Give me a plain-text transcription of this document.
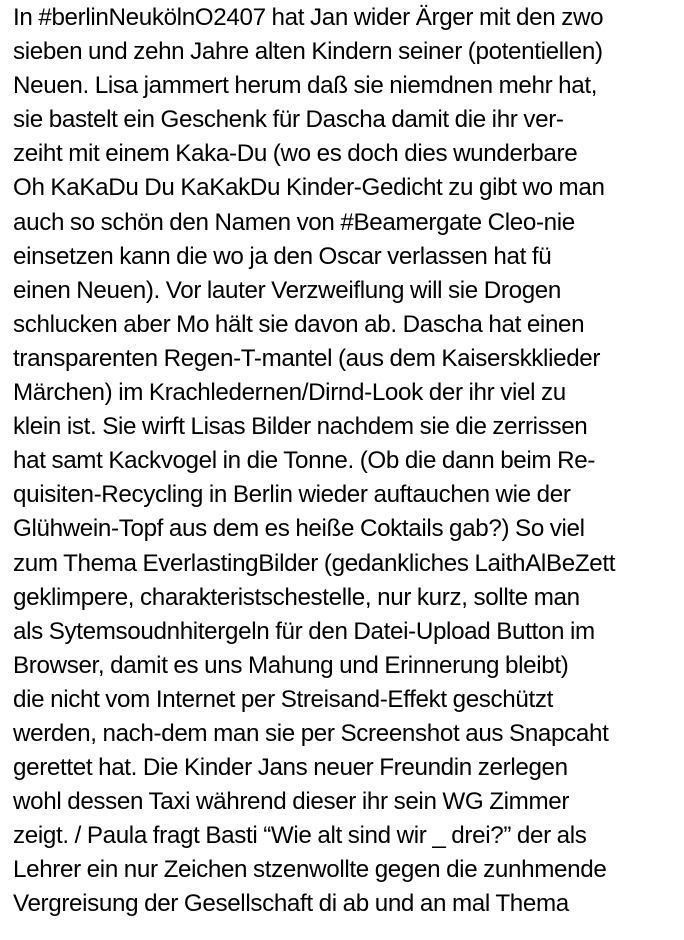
In #berlinNeukölnO2407 hat Jan wider Ärger mit den zwo
sieben und zehn Jahre alten Kindern seiner (potentiellen)
Neuen. Lisa jammert herum daß sie niemdnen mehr hat,
sie bastelt ein Geschenk für Dascha damit die ihr ver-
zeiht mit einem Kaka-Du (wo es doch dies wunderbare
Oh KaKaDu Du KaKakDu Kinder-Gedicht zu gibt wo man
auch so schön den Namen von #Beamergate Cleo-nie
einsetzen kann die wo ja den Oscar verlassen hat fü
einen Neuen). Vor lauter Verzweiflung will sie Drogen
schlucken aber Mo hält sie davon ab. Dascha hat einen
transparenten Regen-T-mantel (aus dem Kaiserskklieder
Märchen) im Krachledernen/Dirnd-Look der ihr viel zu
klein ist. Sie wirft Lisas Bilder nachdem sie die zerrissen
hat samt Kackvogel in die Tonne. (Ob die dann beim Re-
quisiten-Recycling in Berlin wieder auftauchen wie der
Glühwein-Topf aus dem es heiße Coktails gab?) So viel
zum Thema EverlastingBilder (gedankliches LaithAlBeZett
geklimpere, charakteristschestelle, nur kurz, sollte man
als Sytemsoudnhitergeln für den Datei-Upload Button im
Browser, damit es uns Mahung und Erinnerung bleibt)
die nicht vom Internet per Streisand-Effekt geschützt
werden, nach-dem man sie per Screenshot aus Snapcaht
gerettet hat. Die Kinder Jans neuer Freundin zerlegen
wohl dessen Taxi während dieser ihr sein WG Zimmer
zeigt. / Paula fragt Basti “Wie alt sind wir _ drei?” der als
Lehrer ein nur Zeichen stzenwollte gegen die zunhmende
Vergreisung der Gesellschaft di ab und an mal Thema
